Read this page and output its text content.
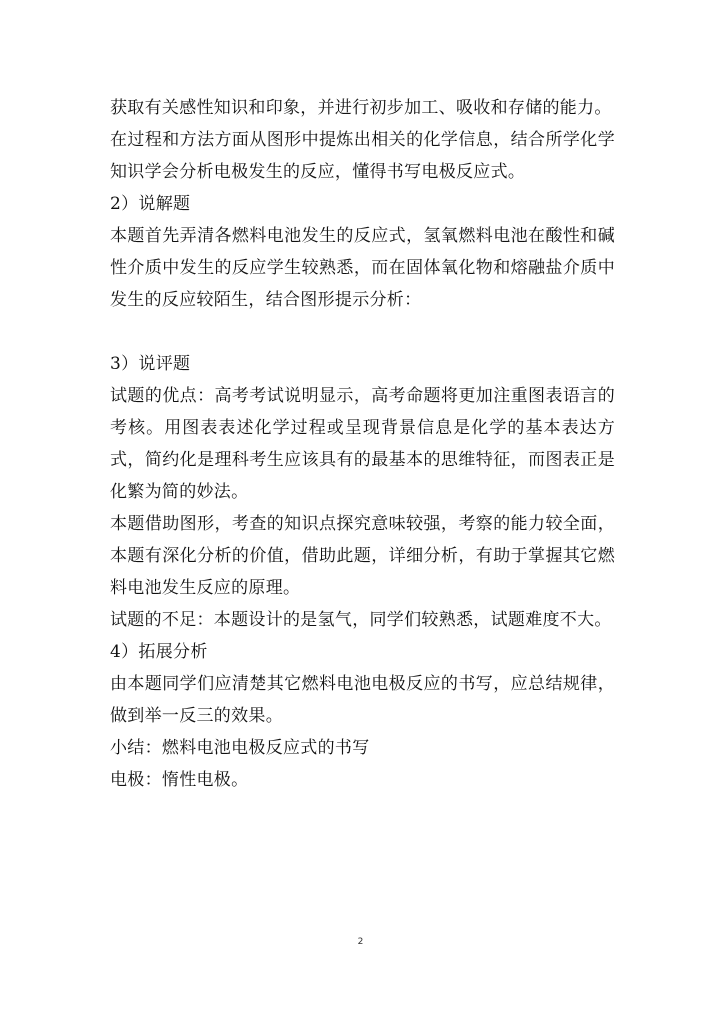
获取有关感性知识和印象，并进行初步加工、吸收和存储的能力。

在过程和方法方面从图形中提炼出相关的化学信息，结合所学化学知识学会分析电极发生的反应，懂得书写电极反应式。

2）说解题

本题首先弄清各燃料电池发生的反应式，氢氧燃料电池在酸性和碱性介质中发生的反应学生较熟悉，而在固体氧化物和熔融盐介质中发生的反应较陌生，结合图形提示分析：

3）说评题

试题的优点：高考考试说明显示，高考命题将更加注重图表语言的考核。用图表表述化学过程或呈现背景信息是化学的基本表达方式，简约化是理科考生应该具有的最基本的思维特征，而图表正是化繁为简的妙法。

本题借助图形，考查的知识点探究意味较强，考察的能力较全面，本题有深化分析的价值，借助此题，详细分析，有助于掌握其它燃料电池发生反应的原理。

试题的不足：本题设计的是氢气，同学们较熟悉，试题难度不大。

4）拓展分析

由本题同学们应清楚其它燃料电池电极反应的书写，应总结规律，做到举一反三的效果。

小结：燃料电池电极反应式的书写

电极：惰性电极。

2
